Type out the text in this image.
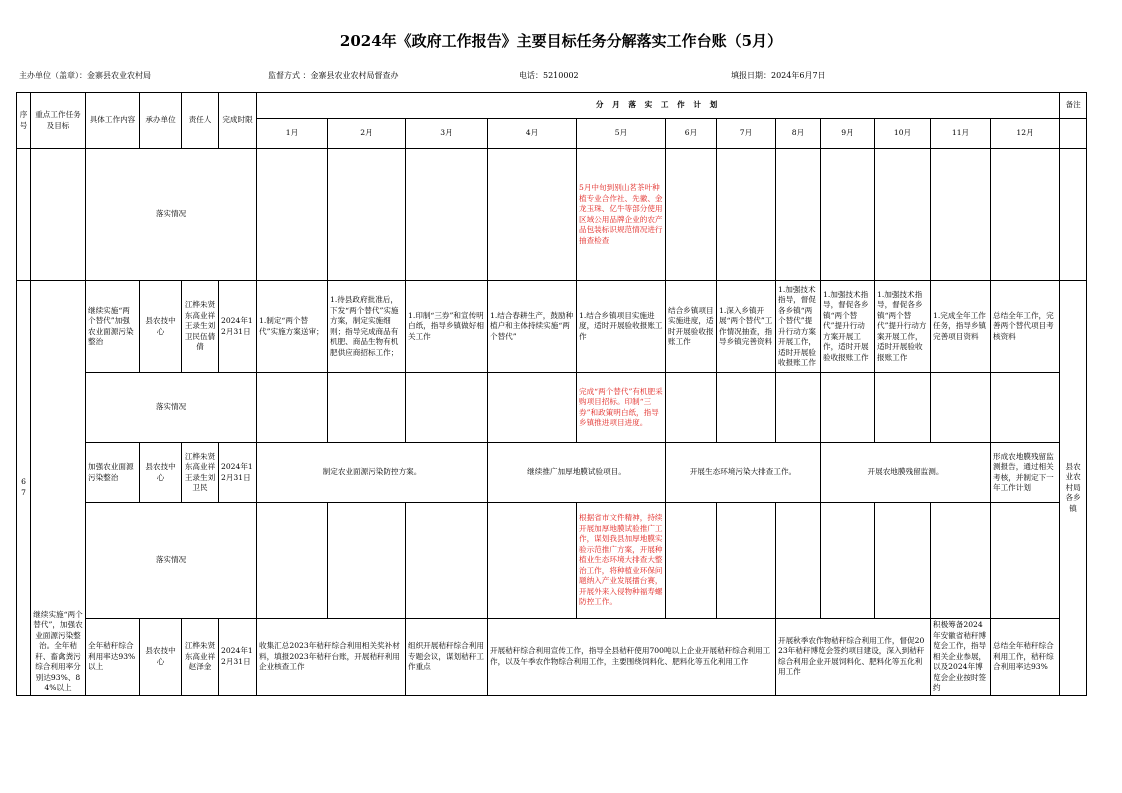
2024年《政府工作报告》主要目标任务分解落实工作台账（5月）
主办单位（盖章）：金寨县农业农村局	监督方式 ：金寨县农业农村局督查办	电话：5210002	填报日期：2024年6月7日
序号	重点工作任务及目标	具体工作内容	承办单位	责任人	完成时限	分 月 落 实 工 作 计 划												备注
						1月	2月	3月	4月	5月	6月	7月	8月	9月	10月	11月	12月	
		落实情况								5月中旬到别山茗茶叶种植专业合作社、先徽、金龙玉珠、亿牛等部分使用区域公用品牌企业的农产品包装标识规范情况进行抽查检查								
67	继续实施“两个替代”，加强农业面源污染整治。全年秸秆、畜禽粪污综合利用率分别达93%、84%以上	继续实施“两个替代”加强农业面源污染整治	县农技中心	江桦朱贤东高业祥王录生刘卫民伍倩倩	2024年12月31日	1.制定“两个替代”实施方案送审；	1.待县政府批准后，下发“两个替代”实施方案，制定实施细则；指导完成商品有机肥、商品生物有机肥供应商招标工作；	1.印制“三券”和宣传明白纸，指导乡镇做好相关工作	1.结合春耕生产，鼓励种植户和主体持续实施“两个替代”	1.结合乡镇项目实施进度，适时开展验收报账工作	结合乡镇项目实施进度，适时开展验收报账工作	1.深入乡镇开展“两个替代”工作情况抽查，指导乡镇完善资料	1.加强技术指导，督促各乡镇“两个替代”提升行动方案开展工作，适时开展验收报账工作	1.加强技术指导，督促各乡镇“两个替代”提升行动方案开展工作，适时开展验收报账工作	1.加强技术指导，督促各乡镇“两个替代”提升行动方案开展工作，适时开展验收报账工作	1.完成全年工作任务，指导乡镇完善项目资料	总结全年工作，完善两个替代项目考核资料	县农业农村局各乡镇
		落实情况								完成“两个替代”有机肥采购项目招标。印制“三券”和政策明白纸，指导乡镇推进项目进度。								
		加强农业面源污染整治	县农技中心	江桦朱贤东高业祥王录生刘卫民	2024年12月31日	制定农业面源污染防控方案。			继续推广加厚地膜试验项目。		开展生态环境污染大排查工作。			开展农地膜残留监测。			形成农地膜残留监测报告，通过相关考核，并制定下一年工作计划	
		落实情况								根据省市文件精神，持续开展加厚地膜试验推广工作，谋划我县加厚地膜实验示范推广方案，开展种植业生态环境大排查大整治工作，将种植业环保问题纳入产业发展擂台赛，开展外来入侵物种福寿螺防控工作。								
		全年秸秆综合利用率达93%以上	县农技中心	江桦朱贤东高业祥赵泽金	2024年12月31日	收集汇总2023年秸秆综合利用相关奖补材料，填报2023年秸秆台账，开展秸秆利用企业核查工作		组织开展秸秆综合利用专题会议，谋划秸秆工作重点	开展秸秆综合利用宣传工作，指导全县秸秆使用700吨以上企业开展秸秆综合利用工作，以及午季农作物综合利用工作，主要围绕饲料化、肥料化等五化利用工作				开展秋季农作物秸秆综合利用工作，督促2023年秸秆博览会签约项目建设，深入到秸秆综合利用企业开展饲料化、肥料化等五化利用工作			积极筹备2024年安徽省秸秆博览会工作，指导相关企业参展，以及2024年博览会企业按时签约	总结全年秸秆综合利用工作，秸秆综合利用率达93%	
